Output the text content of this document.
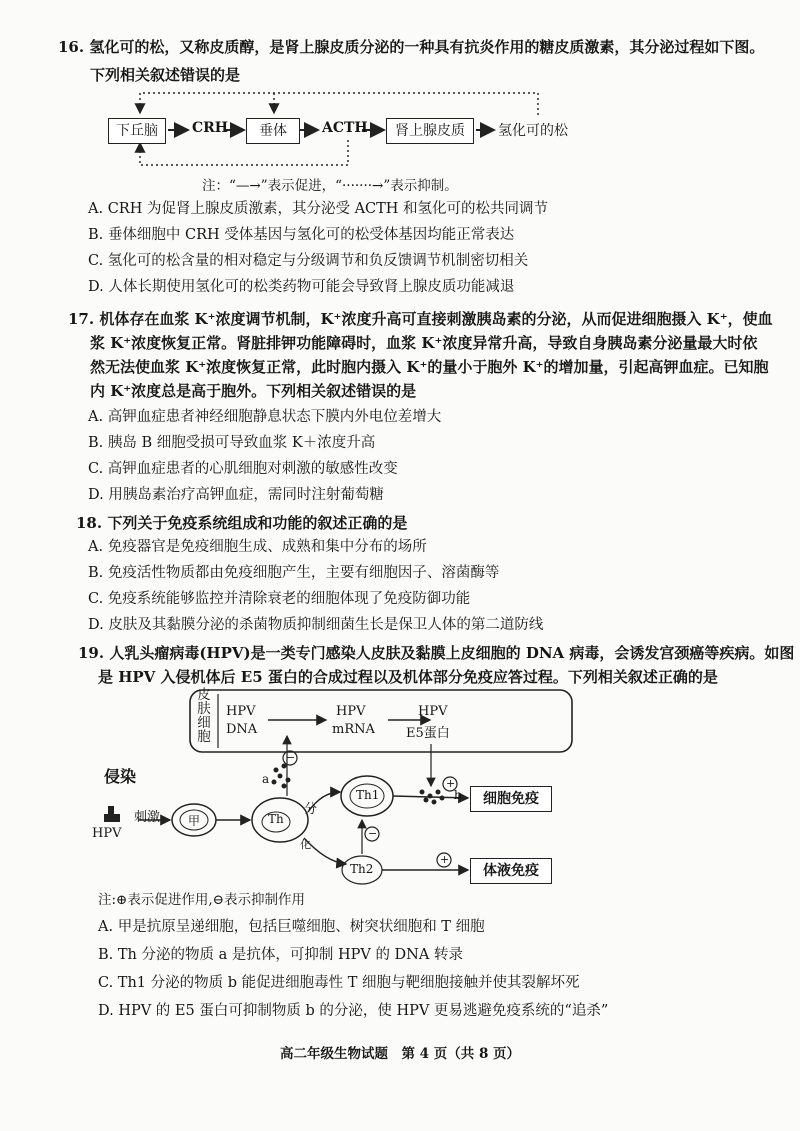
16. 氢化可的松，又称皮质醇，是肾上腺皮质分泌的一种具有抗炎作用的糖皮质激素，其分泌过程如下图。
下列相关叙述错误的是
下丘脑	CRH	垂体	ACTH	肾上腺皮质	氢化可的松
注：“—→”表示促进，“·······→”表示抑制。
A. CRH 为促肾上腺皮质激素，其分泌受 ACTH 和氢化可的松共同调节
B. 垂体细胞中 CRH 受体基因与氢化可的松受体基因均能正常表达
C. 氢化可的松含量的相对稳定与分级调节和负反馈调节机制密切相关
D. 人体长期使用氢化可的松类药物可能会导致肾上腺皮质功能减退
17. 机体存在血浆 K⁺浓度调节机制，K⁺浓度升高可直接刺激胰岛素的分泌，从而促进细胞摄入 K⁺，使血
浆 K⁺浓度恢复正常。肾脏排钾功能障碍时，血浆 K⁺浓度异常升高，导致自身胰岛素分泌量最大时依
然无法使血浆 K⁺浓度恢复正常，此时胞内摄入 K⁺的量小于胞外 K⁺的增加量，引起高钾血症。已知胞
内 K⁺浓度总是高于胞外。下列相关叙述错误的是
A. 高钾血症患者神经细胞静息状态下膜内外电位差增大
B. 胰岛 B 细胞受损可导致血浆 K＋浓度升高
C. 高钾血症患者的心肌细胞对刺激的敏感性改变
D. 用胰岛素治疗高钾血症，需同时注射葡萄糖
18. 下列关于免疫系统组成和功能的叙述正确的是
A. 免疫器官是免疫细胞生成、成熟和集中分布的场所
B. 免疫活性物质都由免疫细胞产生，主要有细胞因子、溶菌酶等
C. 免疫系统能够监控并清除衰老的细胞体现了免疫防御功能
D. 皮肤及其黏膜分泌的杀菌物质抑制细菌生长是保卫人体的第二道防线
19. 人乳头瘤病毒(HPV)是一类专门感染人皮肤及黏膜上皮细胞的 DNA 病毒，会诱发宫颈癌等疾病。如图
是 HPV 入侵机体后 E5 蛋白的合成过程以及机体部分免疫应答过程。下列相关叙述正确的是
皮
肤
细
胞
HPV
DNA
HPV
mRNA
HPV
E5蛋白
侵染
刺激
HPV
甲	Th
Th1
Th2
a
b
分
化
−
+
−
+
细胞免疫
体液免疫
注:⊕表示促进作用,⊖表示抑制作用
A. 甲是抗原呈递细胞，包括巨噬细胞、树突状细胞和 T 细胞
B. Th 分泌的物质 a 是抗体，可抑制 HPV 的 DNA 转录
C. Th1 分泌的物质 b 能促进细胞毒性 T 细胞与靶细胞接触并使其裂解坏死
D. HPV 的 E5 蛋白可抑制物质 b 的分泌，使 HPV 更易逃避免疫系统的“追杀”
高二年级生物试题　第 4 页（共 8 页）
